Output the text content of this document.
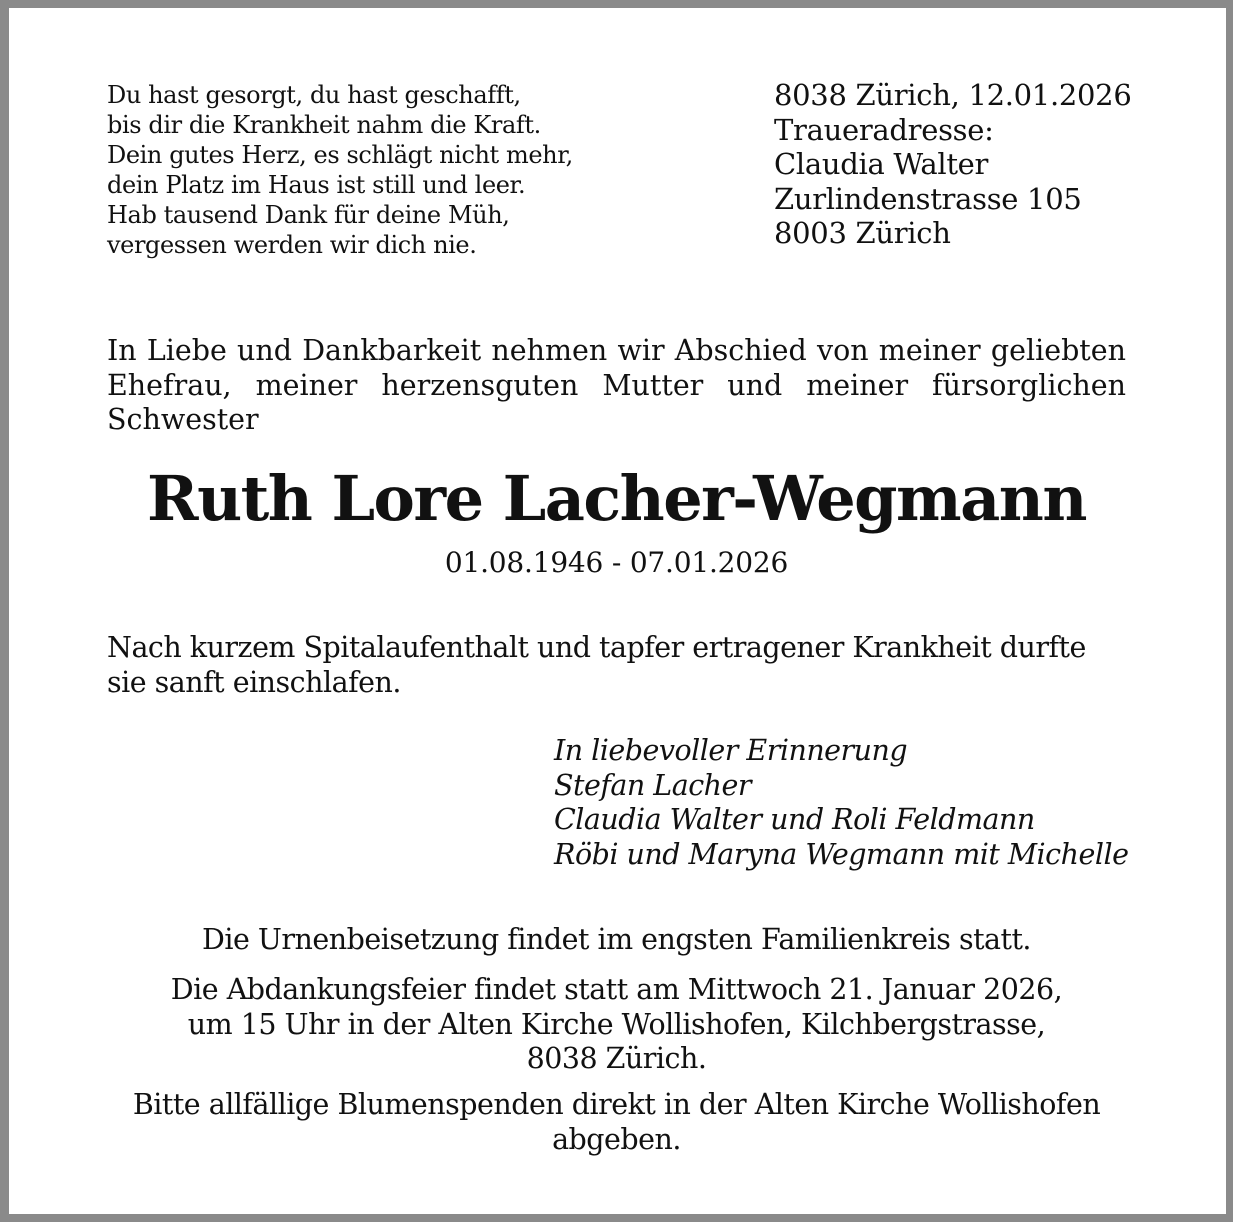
Du hast gesorgt, du hast geschafft,
bis dir die Krankheit nahm die Kraft.
Dein gutes Herz, es schlägt nicht mehr,
dein Platz im Haus ist still und leer.
Hab tausend Dank für deine Müh,
vergessen werden wir dich nie.
8038 Zürich, 12.01.2026
Traueradresse:
Claudia Walter
Zurlindenstrasse 105
8003 Zürich
In Liebe und Dankbarkeit nehmen wir Abschied von meiner geliebten
Ehefrau, meiner herzensguten Mutter und meiner fürsorglichen
Schwester
Ruth Lore Lacher-Wegmann
01.08.1946 - 07.01.2026
Nach kurzem Spitalaufenthalt und tapfer ertragener Krankheit durfte
sie sanft einschlafen.
In liebevoller Erinnerung
Stefan Lacher
Claudia Walter und Roli Feldmann
Röbi und Maryna Wegmann mit Michelle
Die Urnenbeisetzung findet im engsten Familienkreis statt.
Die Abdankungsfeier findet statt am Mittwoch 21. Januar 2026,
um 15 Uhr in der Alten Kirche Wollishofen, Kilchbergstrasse,
8038 Zürich.
Bitte allfällige Blumenspenden direkt in der Alten Kirche Wollishofen
abgeben.
